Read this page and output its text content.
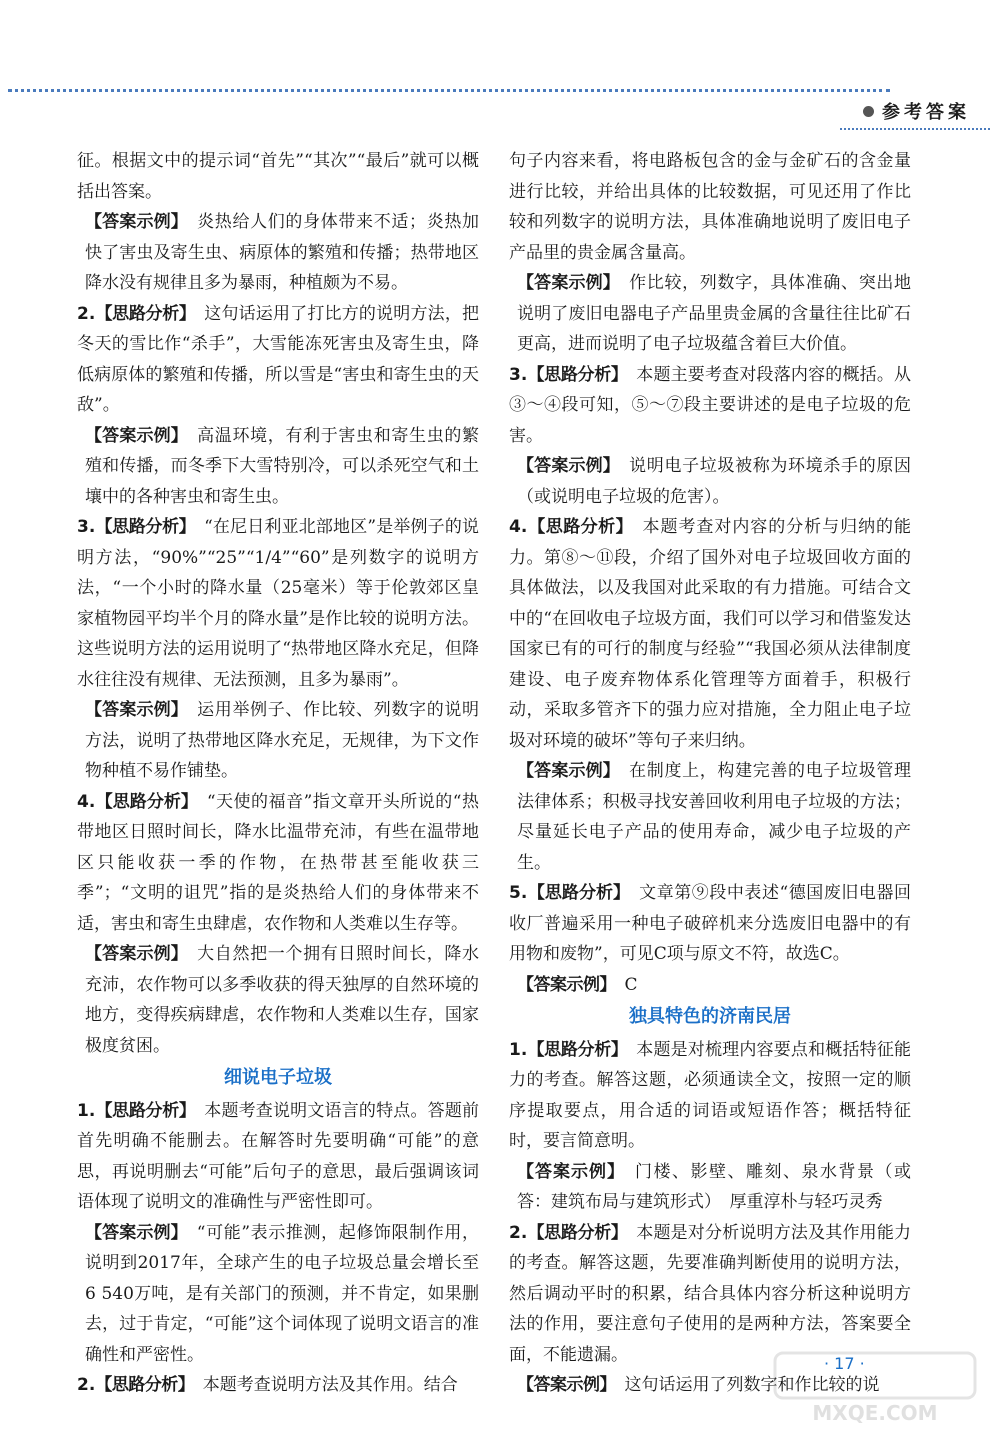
参考答案

征。根据文中的提示词“首先”“其次”“最后”就可以概括出答案。

【答案示例】　炎热给人们的身体带来不适；炎热加快了害虫及寄生虫、病原体的繁殖和传播；热带地区降水没有规律且多为暴雨，种植颇为不易。

2.【思路分析】　这句话运用了打比方的说明方法，把冬天的雪比作“杀手”，大雪能冻死害虫及寄生虫，降低病原体的繁殖和传播，所以雪是“害虫和寄生虫的天敌”。

【答案示例】　高温环境，有利于害虫和寄生虫的繁殖和传播，而冬季下大雪特别冷，可以杀死空气和土壤中的各种害虫和寄生虫。

3.【思路分析】　“在尼日利亚北部地区”是举例子的说明方法，“90%”“25”“1/4”“60”是列数字的说明方法，“一个小时的降水量（25毫米）等于伦敦郊区皇家植物园平均半个月的降水量”是作比较的说明方法。这些说明方法的运用说明了“热带地区降水充足，但降水往往没有规律、无法预测，且多为暴雨”。

【答案示例】　运用举例子、作比较、列数字的说明方法，说明了热带地区降水充足，无规律，为下文作物种植不易作铺垫。

4.【思路分析】　“天使的福音”指文章开头所说的“热带地区日照时间长，降水比温带充沛，有些在温带地区只能收获一季的作物，在热带甚至能收获三季”；“文明的诅咒”指的是炎热给人们的身体带来不适，害虫和寄生虫肆虐，农作物和人类难以生存等。

【答案示例】　大自然把一个拥有日照时间长，降水充沛，农作物可以多季收获的得天独厚的自然环境的地方，变得疾病肆虐，农作物和人类难以生存，国家极度贫困。

细说电子垃圾

1.【思路分析】　本题考查说明文语言的特点。答题前首先明确不能删去。在解答时先要明确“可能”的意思，再说明删去“可能”后句子的意思，最后强调该词语体现了说明文的准确性与严密性即可。

【答案示例】　“可能”表示推测，起修饰限制作用，说明到2017年，全球产生的电子垃圾总量会增长至6 540万吨，是有关部门的预测，并不肯定，如果删去，过于肯定，“可能”这个词体现了说明文语言的准确性和严密性。

2.【思路分析】　本题考查说明方法及其作用。结合

句子内容来看，将电路板包含的金与金矿石的含金量进行比较，并给出具体的比较数据，可见还用了作比较和列数字的说明方法，具体准确地说明了废旧电子产品里的贵金属含量高。

【答案示例】　作比较，列数字，具体准确、突出地说明了废旧电器电子产品里贵金属的含量往往比矿石更高，进而说明了电子垃圾蕴含着巨大价值。

3.【思路分析】　本题主要考查对段落内容的概括。从③～④段可知，⑤～⑦段主要讲述的是电子垃圾的危害。

【答案示例】　说明电子垃圾被称为环境杀手的原因（或说明电子垃圾的危害）。

4.【思路分析】　本题考查对内容的分析与归纳的能力。第⑧～⑪段，介绍了国外对电子垃圾回收方面的具体做法，以及我国对此采取的有力措施。可结合文中的“在回收电子垃圾方面，我们可以学习和借鉴发达国家已有的可行的制度与经验”“我国必须从法律制度建设、电子废弃物体系化管理等方面着手，积极行动，采取多管齐下的强力应对措施，全力阻止电子垃圾对环境的破坏”等句子来归纳。

【答案示例】　在制度上，构建完善的电子垃圾管理法律体系；积极寻找安善回收利用电子垃圾的方法；尽量延长电子产品的使用寿命，减少电子垃圾的产生。

5.【思路分析】　文章第⑨段中表述“德国废旧电器回收厂普遍采用一种电子破碎机来分选废旧电器中的有用物和废物”，可见C项与原文不符，故选C。

【答案示例】　C

独具特色的济南民居

1.【思路分析】　本题是对梳理内容要点和概括特征能力的考查。解答这题，必须通读全文，按照一定的顺序提取要点，用合适的词语或短语作答；概括特征时，要言简意明。

【答案示例】　门楼、影壁、雕刻、泉水背景（或答：建筑布局与建筑形式）　厚重淳朴与轻巧灵秀

2.【思路分析】　本题是对分析说明方法及其作用能力的考查。解答这题，先要准确判断使用的说明方法，然后调动平时的积累，结合具体内容分析这种说明方法的作用，要注意句子使用的是两种方法，答案要全面，不能遗漏。

【答案示例】　这句话运用了列数字和作比较的说

· 17 ·
MXQE.COM
